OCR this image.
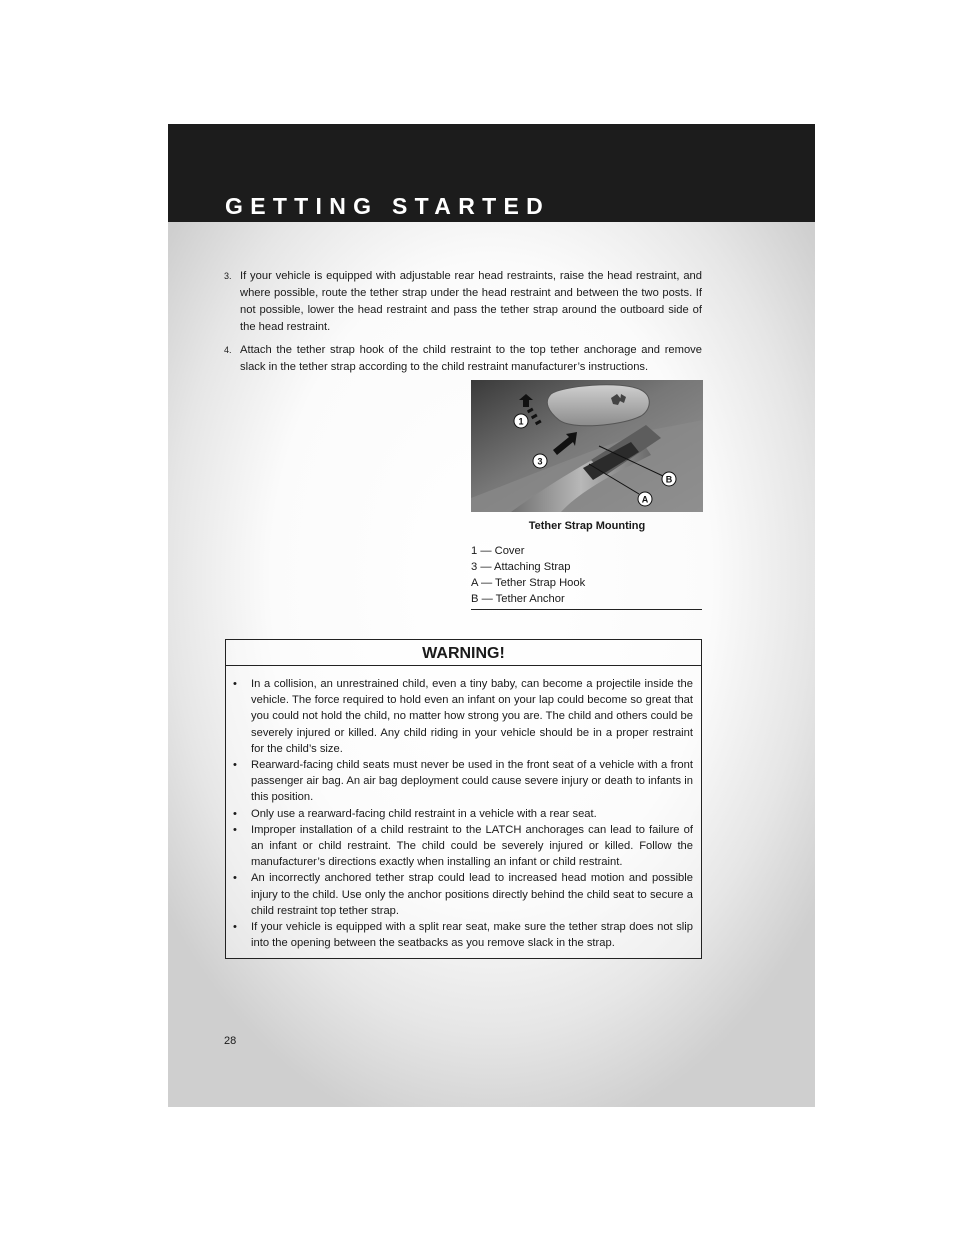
GETTING STARTED
3. If your vehicle is equipped with adjustable rear head restraints, raise the head restraint, and where possible, route the tether strap under the head restraint and between the two posts. If not possible, lower the head restraint and pass the tether strap around the outboard side of the head restraint.
4. Attach the tether strap hook of the child restraint to the top tether anchorage and remove slack in the tether strap according to the child restraint manufacturer’s instructions.
1
3
B
A
Tether Strap Mounting
1 — Cover
3 — Attaching Strap
A — Tether Strap Hook
B — Tether Anchor
WARNING!
• In a collision, an unrestrained child, even a tiny baby, can become a projectile inside the vehicle. The force required to hold even an infant on your lap could become so great that you could not hold the child, no matter how strong you are. The child and others could be severely injured or killed. Any child riding in your vehicle should be in a proper restraint for the child’s size.
• Rearward-facing child seats must never be used in the front seat of a vehicle with a front passenger air bag. An air bag deployment could cause severe injury or death to infants in this position.
• Only use a rearward-facing child restraint in a vehicle with a rear seat.
• Improper installation of a child restraint to the LATCH anchorages can lead to failure of an infant or child restraint. The child could be severely injured or killed. Follow the manufacturer’s directions exactly when installing an infant or child restraint.
• An incorrectly anchored tether strap could lead to increased head motion and possible injury to the child. Use only the anchor positions directly behind the child seat to secure a child restraint top tether strap.
• If your vehicle is equipped with a split rear seat, make sure the tether strap does not slip into the opening between the seatbacks as you remove slack in the strap.
28
